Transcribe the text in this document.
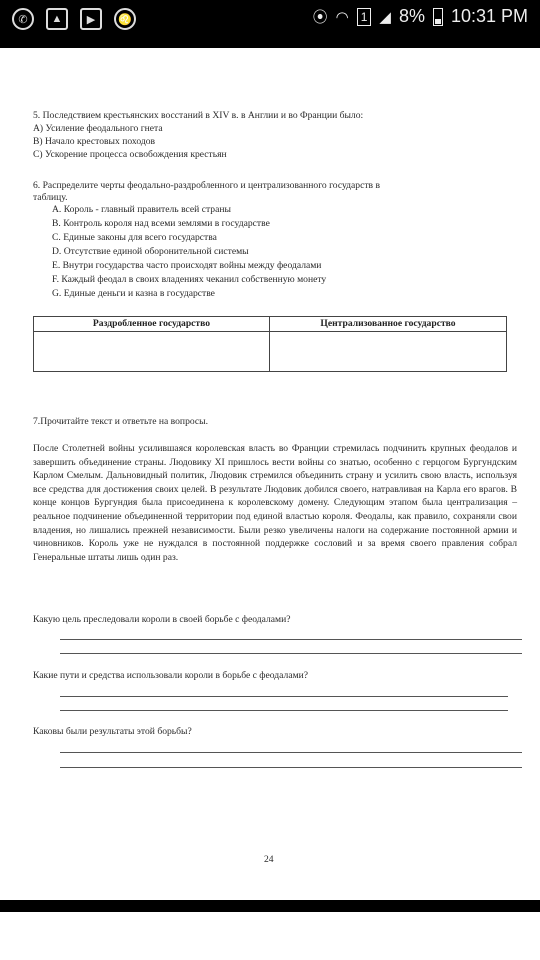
✆	▲	▶	♌	⦿ ◠	1 ◢ 8% 10:31 PM
5. Последствием крестьянских восстаний в XIV в. в Англии и во Франции было:
А) Усиление феодального гнета
В) Начало крестовых походов
С) Ускорение процесса освобождения крестьян
6. Распределите черты феодально-раздробленного и централизованного государств в
таблицу.
A. Король - главный правитель всей страны
B. Контроль короля над всеми землями в государстве
C. Единые законы для всего государства
D. Отсутствие единой оборонительной системы
E. Внутри государства часто происходят войны между феодалами
F. Каждый феодал в своих владениях чеканил собственную монету
G. Единые деньги и казна в государстве
Раздробленное государство	Централизованное государство
7.Прочитайте текст и ответьте на вопросы.
После Столетней войны усилившаяся королевская власть во Франции стремилась подчинить крупных феодалов и завершить объединение страны. Людовику XI пришлось вести войны со знатью, особенно с герцогом Бургундским Карлом Смелым. Дальновидный политик, Людовик стремился объединить страну и усилить свою власть, используя все средства для достижения своих целей. В результате Людовик добился своего, натравливая на Карла его врагов. В конце концов Бургундия была присоединена к королевскому домену. Следующим этапом была централизация – реальное подчинение объединенной территории под единой властью короля. Феодалы, как правило, сохраняли свои владения, но лишались прежней независимости. Были резко увеличены налоги на содержание постоянной армии и чиновников. Король уже не нуждался в постоянной поддержке сословий и за время своего правления собрал Генеральные штаты лишь один раз.
Какую цель преследовали короли в своей борьбе с феодалами?
Какие пути и средства использовали короли в борьбе с феодалами?
Каковы были результаты этой борьбы?
24
